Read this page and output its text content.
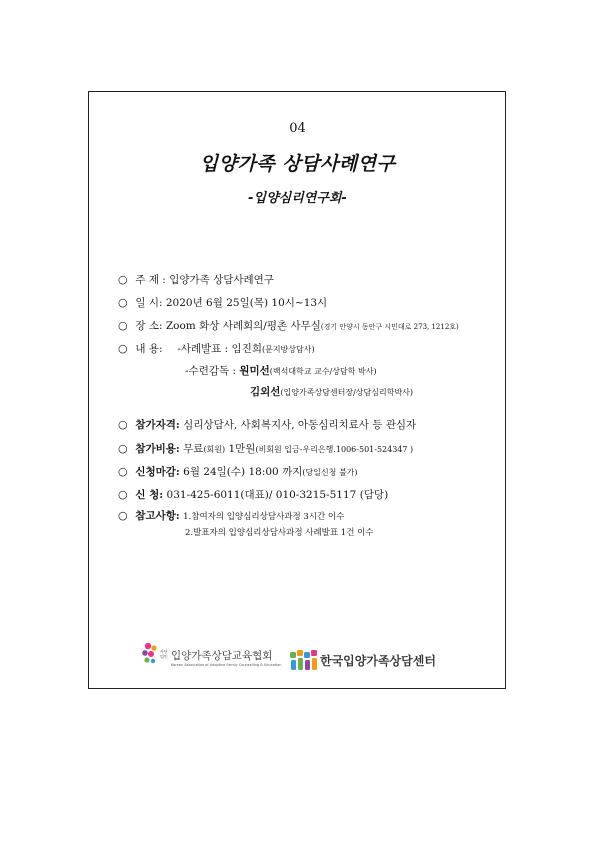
04
입양가족 상담사례연구
-입양심리연구회-
○ 주 제 : 입양가족 상담사례연구
○ 일 시: 2020년 6월 25일(목) 10시~13시
○ 장 소: Zoom 화상 사례회의/평촌 사무실(경기 안양시 동안구 시민대로 273, 1212호)
○ 내 용: -사례발표 : 임진희(문지방상담사)
-수련감독 : 원미선(백석대학교 교수/상담학 박사)
김외선(입양가족상담센터장/상담심리학박사)
○ 참가자격: 심리상담사, 사회복지사, 아동심리치료사 등 관심자
○ 참가비용: 무료(회원) 1만원(비회원 입금-우리은행.1006-501-524347 )
○ 신청마감: 6월 24일(수) 18:00 까지(당일신청 불가)
○ 신 청: 031-425-6011(대표)/ 010-3215-5117 (담당)
○ 참고사항: 1.참여자의 입양심리상담사과정 3시간 이수
2.발표자의 입양심리상담사과정 사례발표 1건 이수
사단
법인 입양가족상담교육협회
Korean Association of Adoptive Family Counselling & Education	한국입양가족상담센터
